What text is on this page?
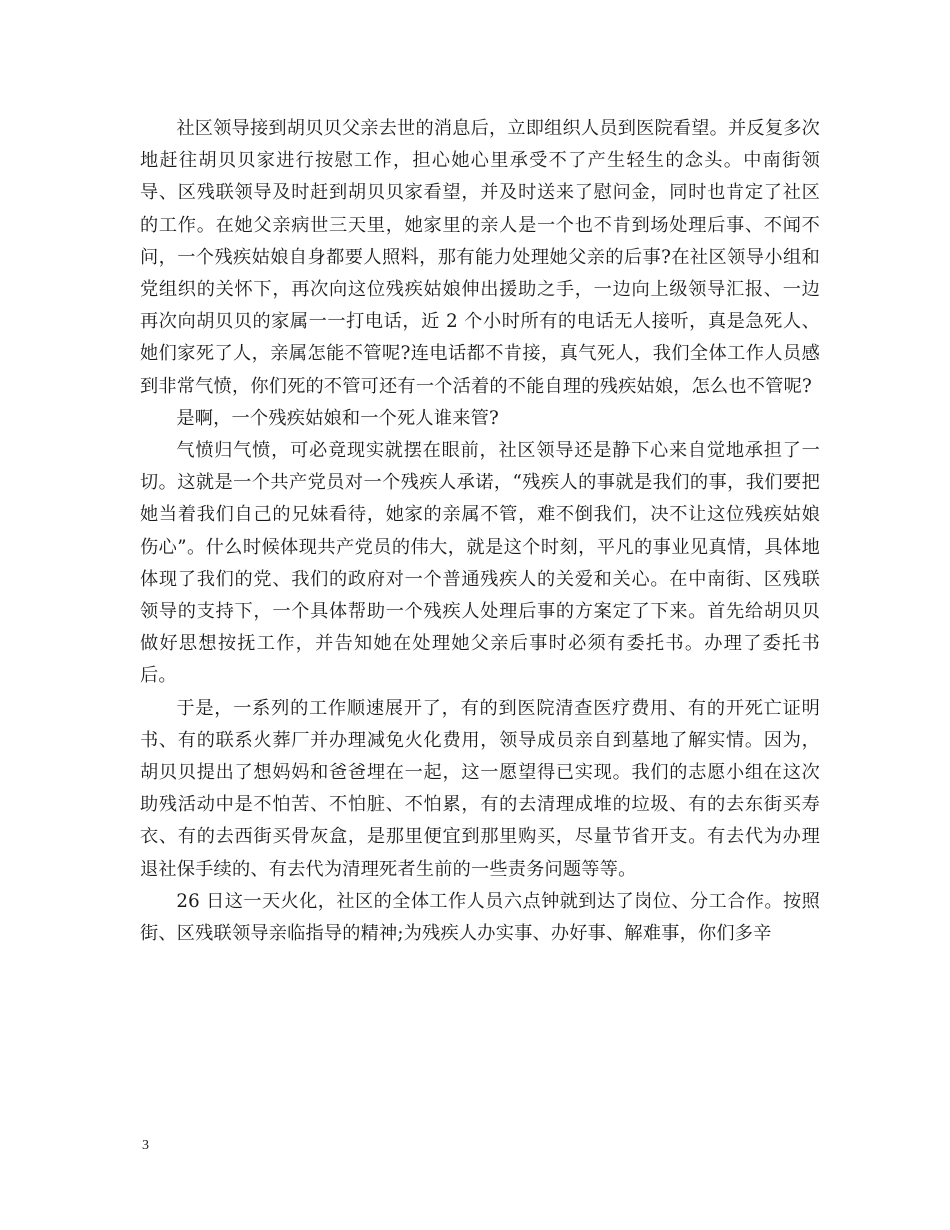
社区领导接到胡贝贝父亲去世的消息后，立即组织人员到医院看望。并反复多次地赶往胡贝贝家进行按慰工作，担心她心里承受不了产生轻生的念头。中南街领导、区残联领导及时赶到胡贝贝家看望，并及时送来了慰问金，同时也肯定了社区的工作。在她父亲病世三天里，她家里的亲人是一个也不肯到场处理后事、不闻不问，一个残疾姑娘自身都要人照料，那有能力处理她父亲的后事?在社区领导小组和党组织的关怀下，再次向这位残疾姑娘伸出援助之手，一边向上级领导汇报、一边再次向胡贝贝的家属一一打电话，近 2 个小时所有的电话无人接听，真是急死人、她们家死了人，亲属怎能不管呢?连电话都不肯接，真气死人，我们全体工作人员感到非常气愤，你们死的不管可还有一个活着的不能自理的残疾姑娘，怎么也不管呢?

是啊，一个残疾姑娘和一个死人谁来管?

气愤归气愤，可必竟现实就摆在眼前，社区领导还是静下心来自觉地承担了一切。这就是一个共产党员对一个残疾人承诺，“残疾人的事就是我们的事，我们要把她当着我们自己的兄妹看待，她家的亲属不管，难不倒我们，决不让这位残疾姑娘伤心”。什么时候体现共产党员的伟大，就是这个时刻，平凡的事业见真情，具体地体现了我们的党、我们的政府对一个普通残疾人的关爱和关心。在中南街、区残联领导的支持下，一个具体帮助一个残疾人处理后事的方案定了下来。首先给胡贝贝做好思想按抚工作，并告知她在处理她父亲后事时必须有委托书。办理了委托书后。

于是，一系列的工作顺速展开了，有的到医院清查医疗费用、有的开死亡证明书、有的联系火葬厂并办理减免火化费用，领导成员亲自到墓地了解实情。因为，胡贝贝提出了想妈妈和爸爸埋在一起，这一愿望得已实现。我们的志愿小组在这次助残活动中是不怕苦、不怕脏、不怕累，有的去清理成堆的垃圾、有的去东街买寿衣、有的去西街买骨灰盒，是那里便宜到那里购买，尽量节省开支。有去代为办理退社保手续的、有去代为清理死者生前的一些责务问题等等。

26 日这一天火化，社区的全体工作人员六点钟就到达了岗位、分工合作。按照街、区残联领导亲临指导的精神;为残疾人办实事、办好事、解难事，你们多辛

3
